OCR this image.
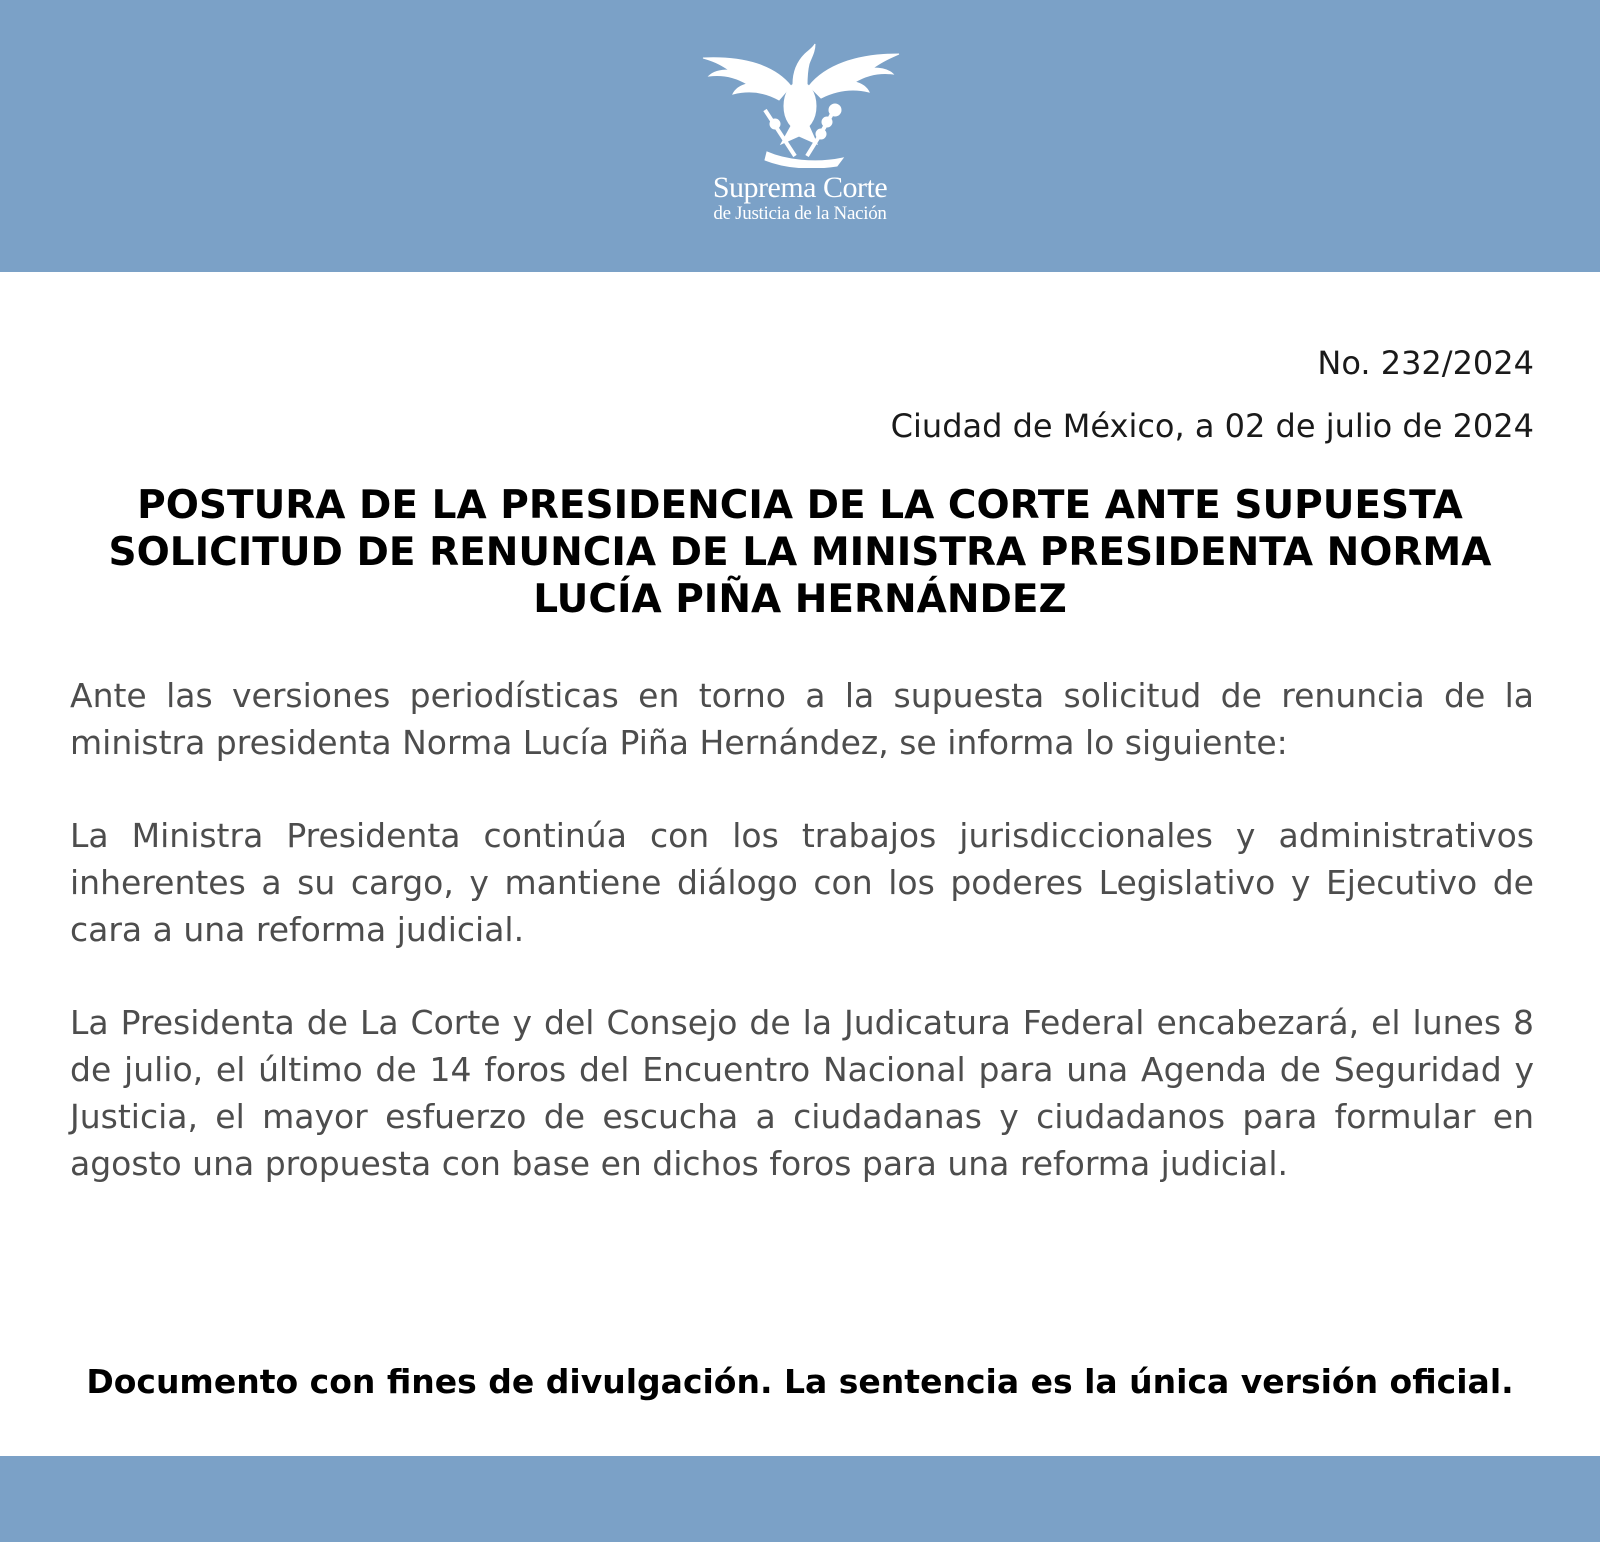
Suprema Corte
de Justicia de la Nación
No. 232/2024
Ciudad de México, a 02 de julio de 2024
POSTURA DE LA PRESIDENCIA DE LA CORTE ANTE SUPUESTA SOLICITUD DE RENUNCIA DE LA MINISTRA PRESIDENTA NORMA LUCÍA PIÑA HERNÁNDEZ

Ante las versiones periodísticas en torno a la supuesta solicitud de renuncia de la ministra presidenta Norma Lucía Piña Hernández, se informa lo siguiente:

La Ministra Presidenta continúa con los trabajos jurisdiccionales y administrativos inherentes a su cargo, y mantiene diálogo con los poderes Legislativo y Ejecutivo de cara a una reforma judicial.

La Presidenta de La Corte y del Consejo de la Judicatura Federal encabezará, el lunes 8 de julio, el último de 14 foros del Encuentro Nacional para una Agenda de Seguridad y Justicia, el mayor esfuerzo de escucha a ciudadanas y ciudadanos para formular en agosto una propuesta con base en dichos foros para una reforma judicial.

Documento con fines de divulgación. La sentencia es la única versión oficial.
